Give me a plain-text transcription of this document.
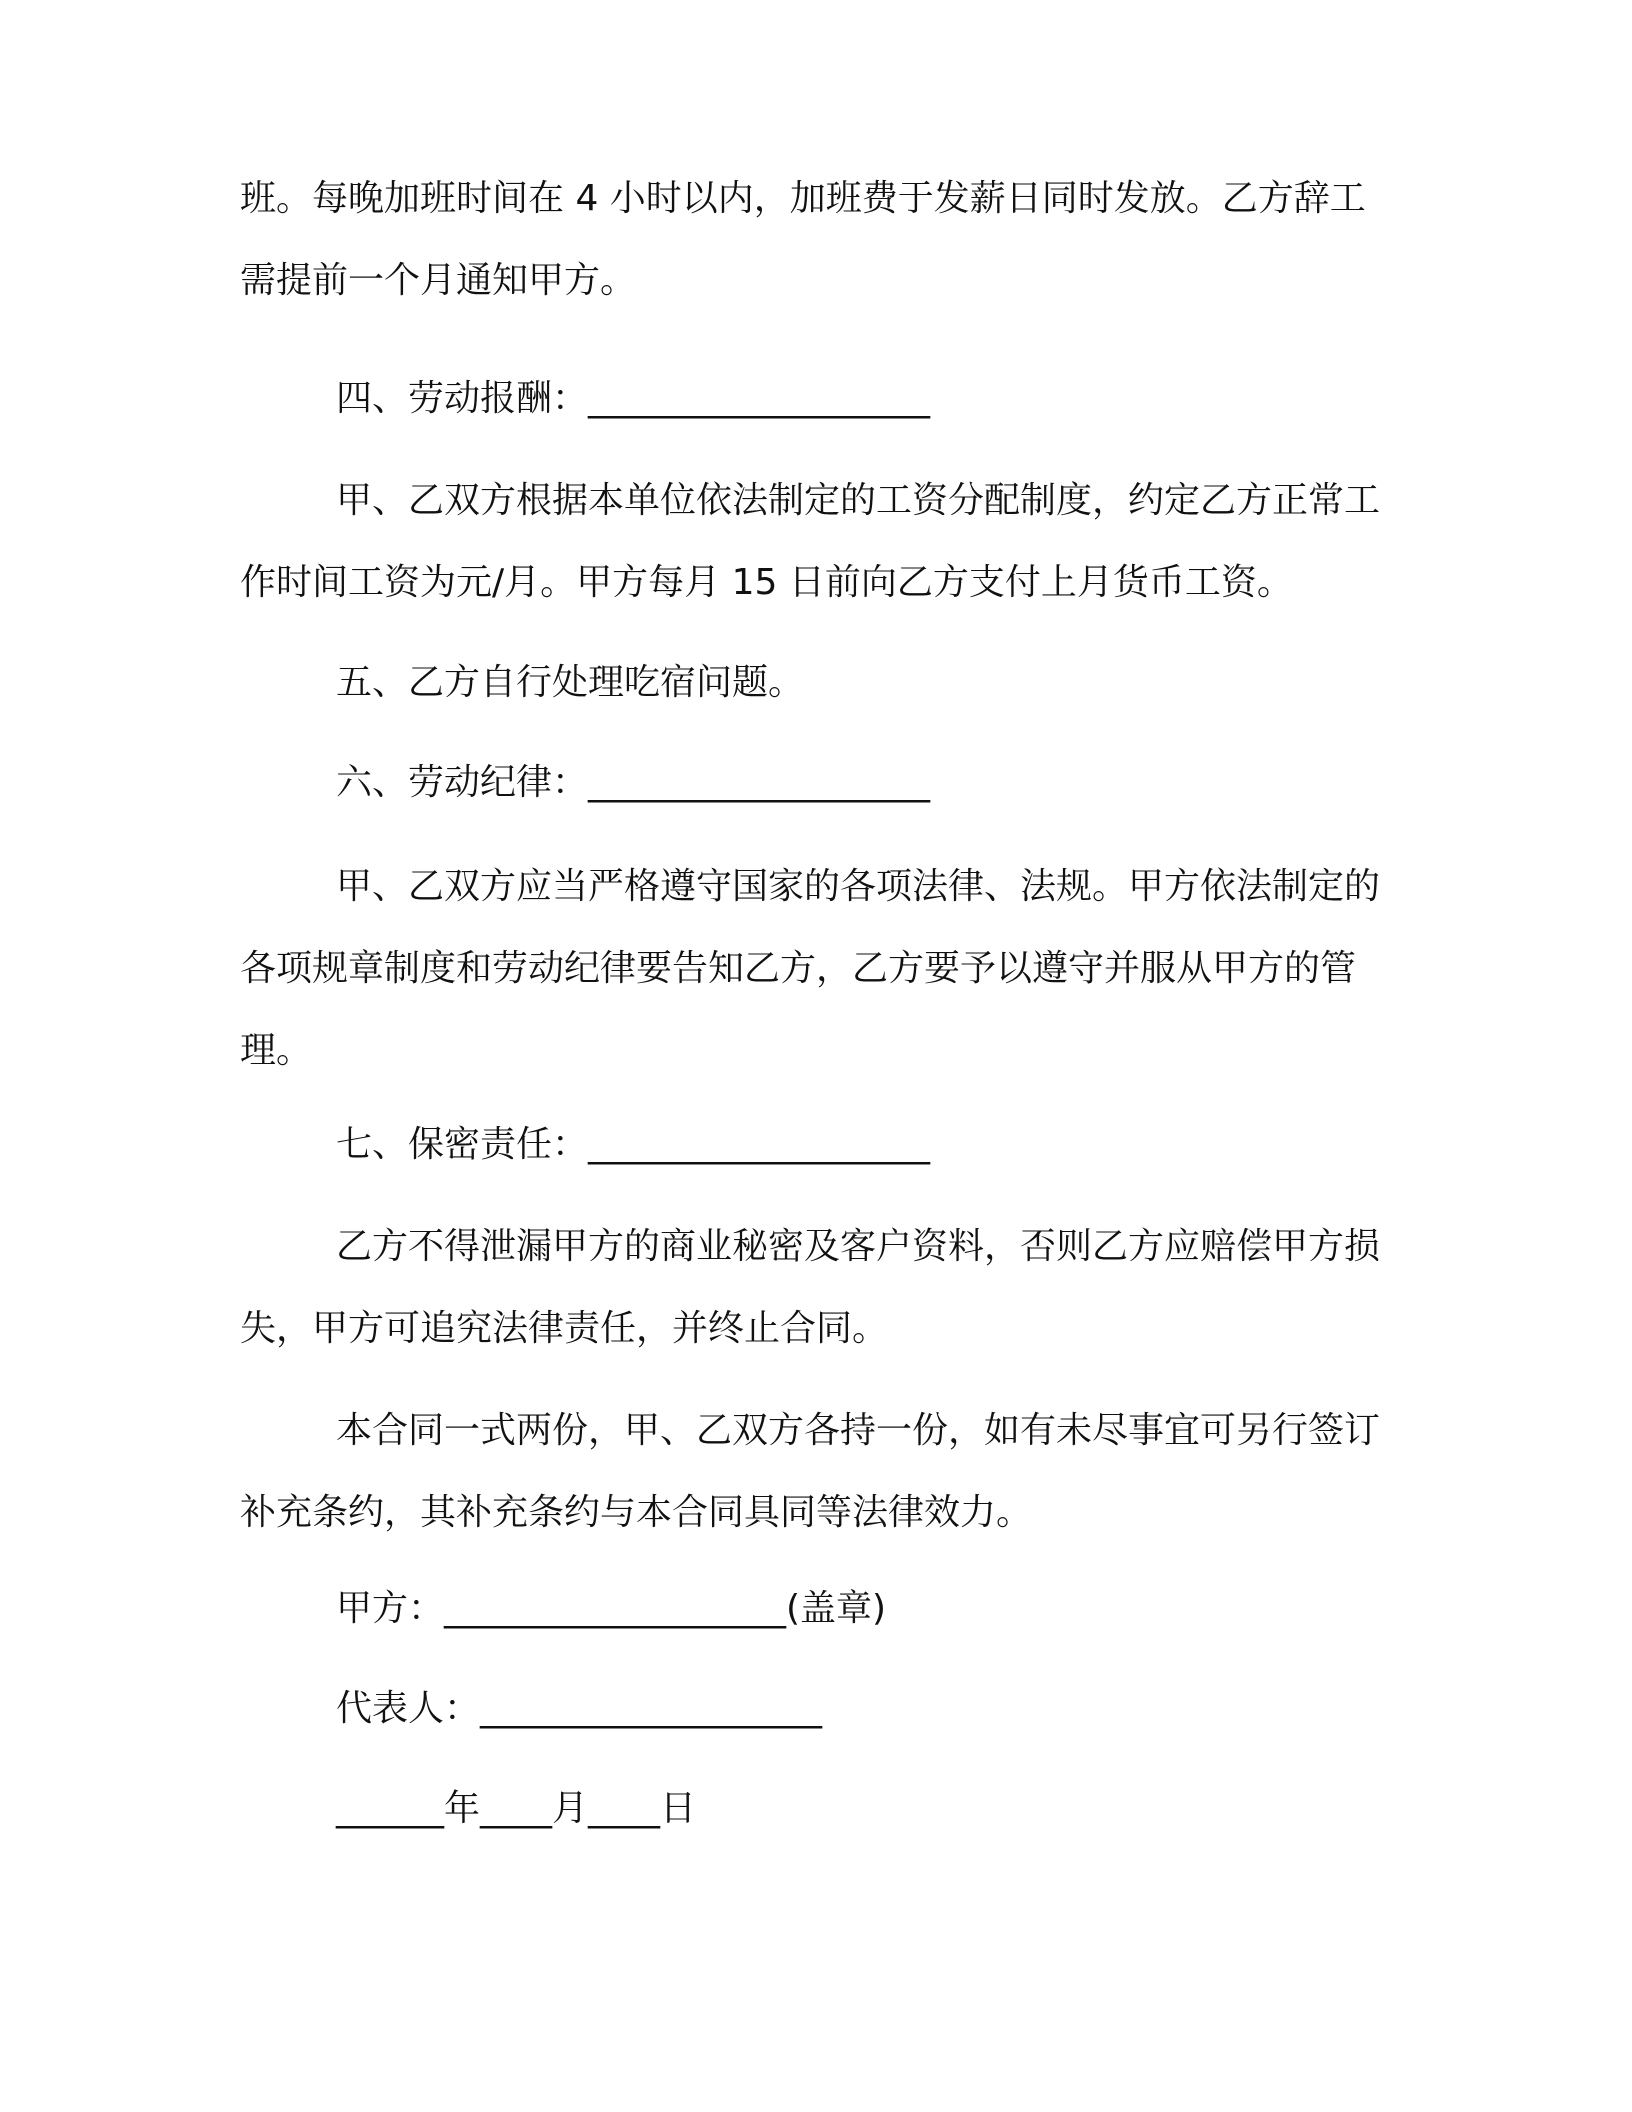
班。每晚加班时间在 4 小时以内，加班费于发薪日同时发放。乙方辞工需提前一个月通知甲方。

四、劳动报酬：___________________

甲、乙双方根据本单位依法制定的工资分配制度，约定乙方正常工作时间工资为元/月。甲方每月 15 日前向乙方支付上月货币工资。

五、乙方自行处理吃宿问题。

六、劳动纪律：___________________

甲、乙双方应当严格遵守国家的各项法律、法规。甲方依法制定的各项规章制度和劳动纪律要告知乙方，乙方要予以遵守并服从甲方的管理。

七、保密责任：___________________

乙方不得泄漏甲方的商业秘密及客户资料，否则乙方应赔偿甲方损失，甲方可追究法律责任，并终止合同。

本合同一式两份，甲、乙双方各持一份，如有未尽事宜可另行签订补充条约，其补充条约与本合同具同等法律效力。

甲方：___________________(盖章)

代表人：___________________

______年____月____日
